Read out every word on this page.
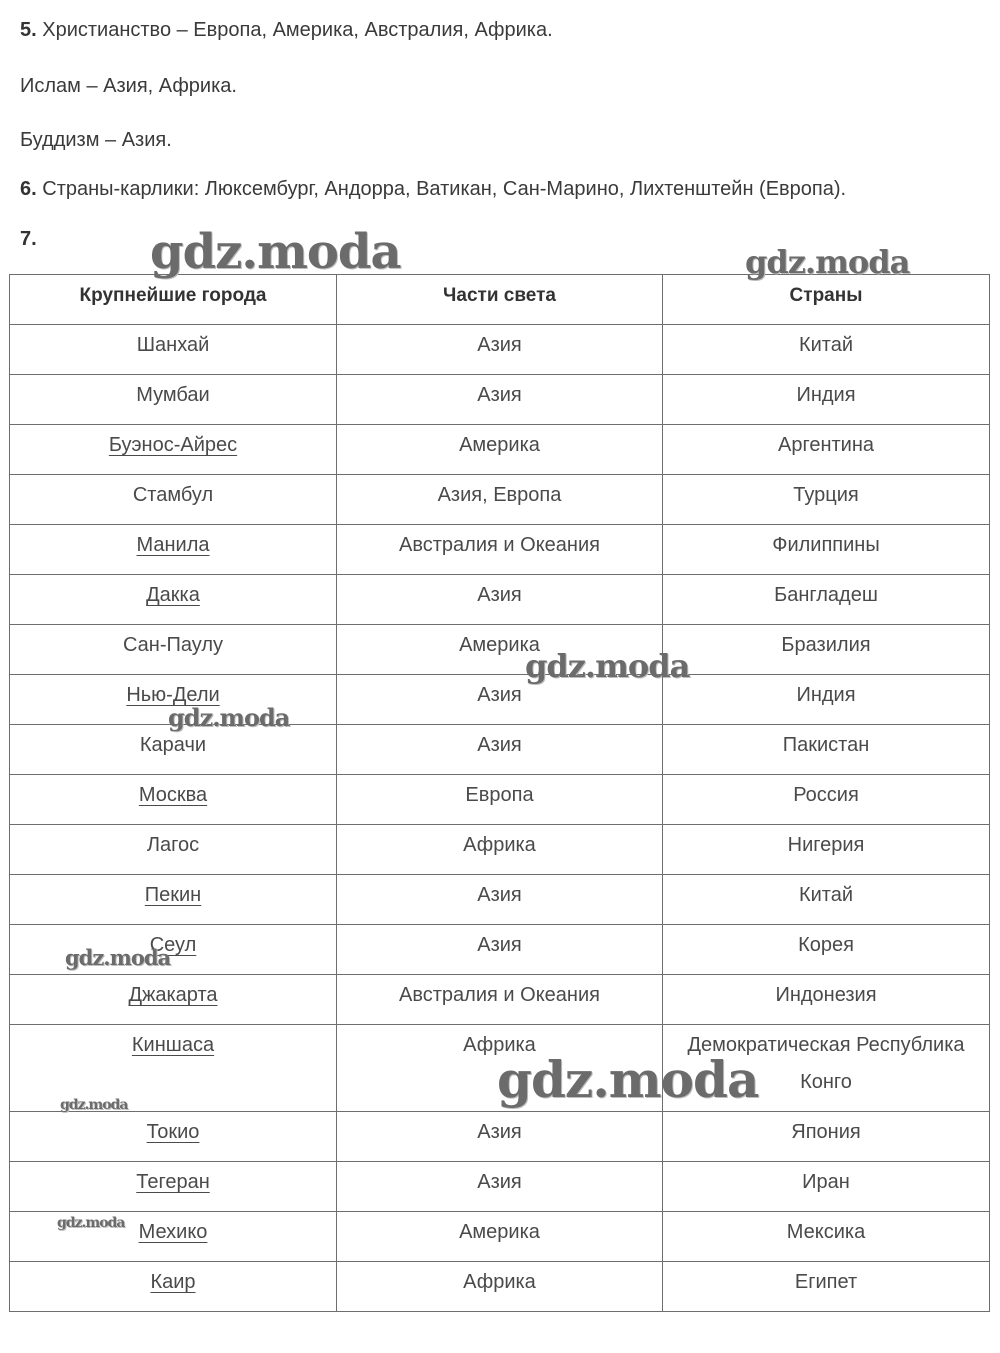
5. Христианство – Европа, Америка, Австралия, Африка.
Ислам – Азия, Африка.
Буддизм – Азия.
6. Страны-карлики: Люксембург, Андорра, Ватикан, Сан-Марино, Лихтенштейн (Европа).
7.
Крупнейшие города	Части света	Страны
Шанхай	Азия	Китай
Мумбаи	Азия	Индия
Буэнос-Айрес	Америка	Аргентина
Стамбул	Азия, Европа	Турция
Манила	Австралия и Океания	Филиппины
Дакка	Азия	Бангладеш
Сан-Паулу	Америка	Бразилия
Нью-Дели	Азия	Индия
Карачи	Азия	Пакистан
Москва	Европа	Россия
Лагос	Африка	Нигерия
Пекин	Азия	Китай
Сеул	Азия	Корея
Джакарта	Австралия и Океания	Индонезия
Киншаса	Африка	Демократическая Республика Конго
Токио	Азия	Япония
Тегеран	Азия	Иран
Мехико	Америка	Мексика
Каир	Африка	Египет
gdz.moda	gdz.moda
gdz.moda
gdz.moda
gdz.moda
gdz.moda
gdz.moda
gdz.moda
